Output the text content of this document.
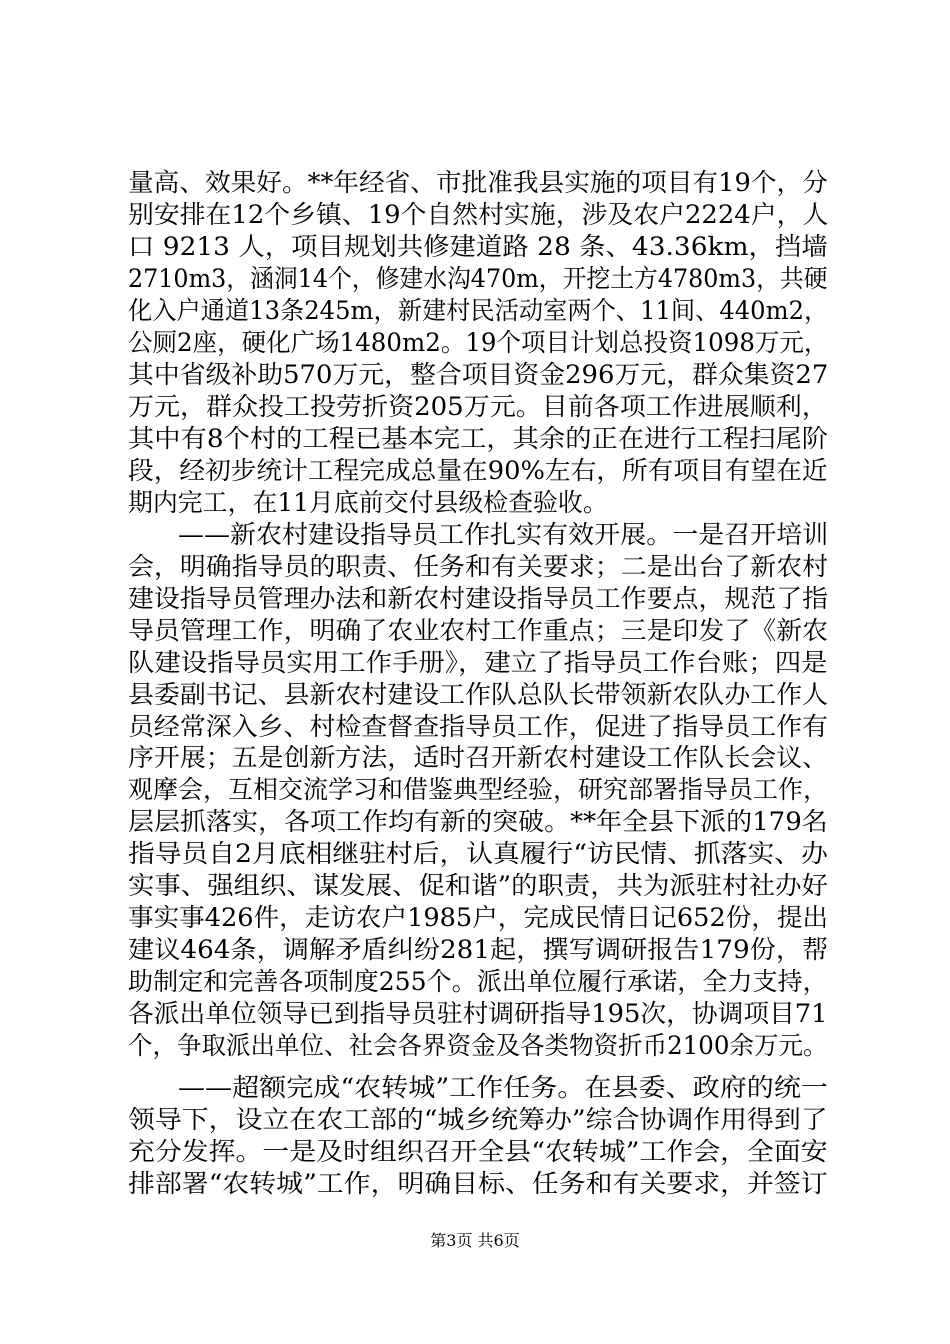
量高、效果好。**年经省、市批准我县实施的项目有19个，分
别安排在12个乡镇、19个自然村实施，涉及农户2224户，人
口 9213 人，项目规划共修建道路 28 条、43.36km，挡墙
2710m3，涵洞14个，修建水沟470m，开挖土方4780m3，共硬
化入户通道13条245m，新建村民活动室两个、11间、440m2，
公厕2座，硬化广场1480m2。19个项目计划总投资1098万元，
其中省级补助570万元，整合项目资金296万元，群众集资27
万元，群众投工投劳折资205万元。目前各项工作进展顺利，
其中有8个村的工程已基本完工，其余的正在进行工程扫尾阶
段，经初步统计工程完成总量在90%左右，所有项目有望在近
期内完工，在11月底前交付县级检查验收。
——新农村建设指导员工作扎实有效开展。一是召开培训
会，明确指导员的职责、任务和有关要求；二是出台了新农村
建设指导员管理办法和新农村建设指导员工作要点，规范了指
导员管理工作，明确了农业农村工作重点；三是印发了《新农
队建设指导员实用工作手册》，建立了指导员工作台账；四是
县委副书记、县新农村建设工作队总队长带领新农队办工作人
员经常深入乡、村检查督查指导员工作，促进了指导员工作有
序开展；五是创新方法，适时召开新农村建设工作队长会议、
观摩会，互相交流学习和借鉴典型经验，研究部署指导员工作，
层层抓落实，各项工作均有新的突破。**年全县下派的179名
指导员自2月底相继驻村后，认真履行“访民情、抓落实、办
实事、强组织、谋发展、促和谐”的职责，共为派驻村社办好
事实事426件，走访农户1985户，完成民情日记652份，提出
建议464条，调解矛盾纠纷281起，撰写调研报告179份，帮
助制定和完善各项制度255个。派出单位履行承诺，全力支持，
各派出单位领导已到指导员驻村调研指导195次，协调项目71
个，争取派出单位、社会各界资金及各类物资折币2100余万元。
——超额完成“农转城”工作任务。在县委、政府的统一
领导下，设立在农工部的“城乡统筹办”综合协调作用得到了
充分发挥。一是及时组织召开全县“农转城”工作会，全面安
排部署“农转城”工作，明确目标、任务和有关要求，并签订
第3页 共6页
